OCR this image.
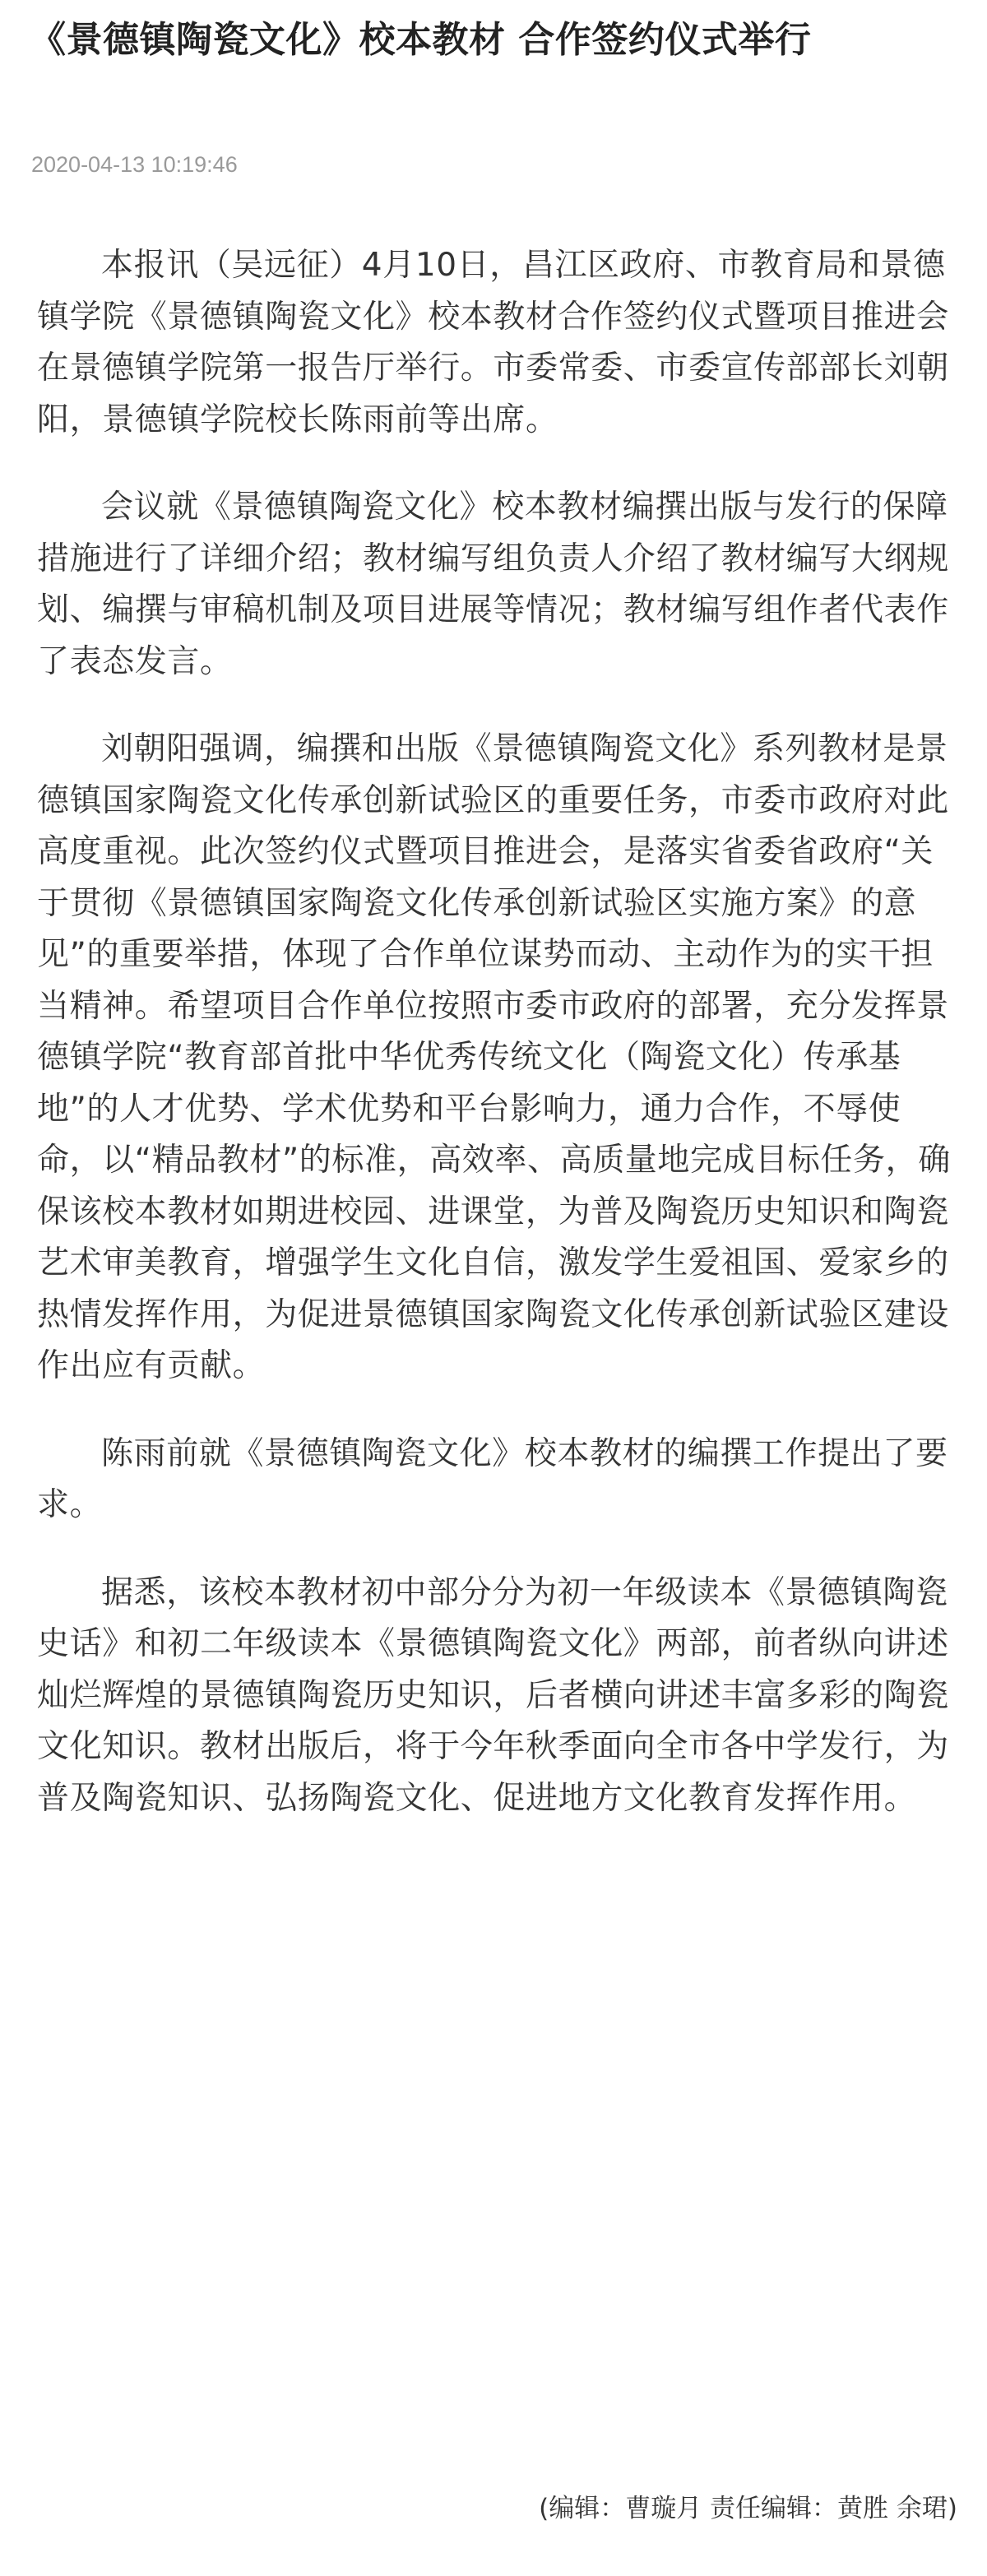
《景德镇陶瓷文化》校本教材 合作签约仪式举行
2020-04-13 10:19:46

本报讯（吴远征）4月10日，昌江区政府、市教育局和景德镇学院《景德镇陶瓷文化》校本教材合作签约仪式暨项目推进会在景德镇学院第一报告厅举行。市委常委、市委宣传部部长刘朝阳，景德镇学院校长陈雨前等出席。

会议就《景德镇陶瓷文化》校本教材编撰出版与发行的保障措施进行了详细介绍；教材编写组负责人介绍了教材编写大纲规划、编撰与审稿机制及项目进展等情况；教材编写组作者代表作了表态发言。

刘朝阳强调，编撰和出版《景德镇陶瓷文化》系列教材是景德镇国家陶瓷文化传承创新试验区的重要任务，市委市政府对此高度重视。此次签约仪式暨项目推进会，是落实省委省政府“关于贯彻《景德镇国家陶瓷文化传承创新试验区实施方案》的意见”的重要举措，体现了合作单位谋势而动、主动作为的实干担当精神。希望项目合作单位按照市委市政府的部署，充分发挥景德镇学院“教育部首批中华优秀传统文化（陶瓷文化）传承基地”的人才优势、学术优势和平台影响力，通力合作，不辱使命，以“精品教材”的标准，高效率、高质量地完成目标任务，确保该校本教材如期进校园、进课堂，为普及陶瓷历史知识和陶瓷艺术审美教育，增强学生文化自信，激发学生爱祖国、爱家乡的热情发挥作用，为促进景德镇国家陶瓷文化传承创新试验区建设作出应有贡献。

陈雨前就《景德镇陶瓷文化》校本教材的编撰工作提出了要求。

据悉，该校本教材初中部分分为初一年级读本《景德镇陶瓷史话》和初二年级读本《景德镇陶瓷文化》两部，前者纵向讲述灿烂辉煌的景德镇陶瓷历史知识，后者横向讲述丰富多彩的陶瓷文化知识。教材出版后，将于今年秋季面向全市各中学发行，为普及陶瓷知识、弘扬陶瓷文化、促进地方文化教育发挥作用。

(编辑：曹璇月 责任编辑：黄胜 余珺)
